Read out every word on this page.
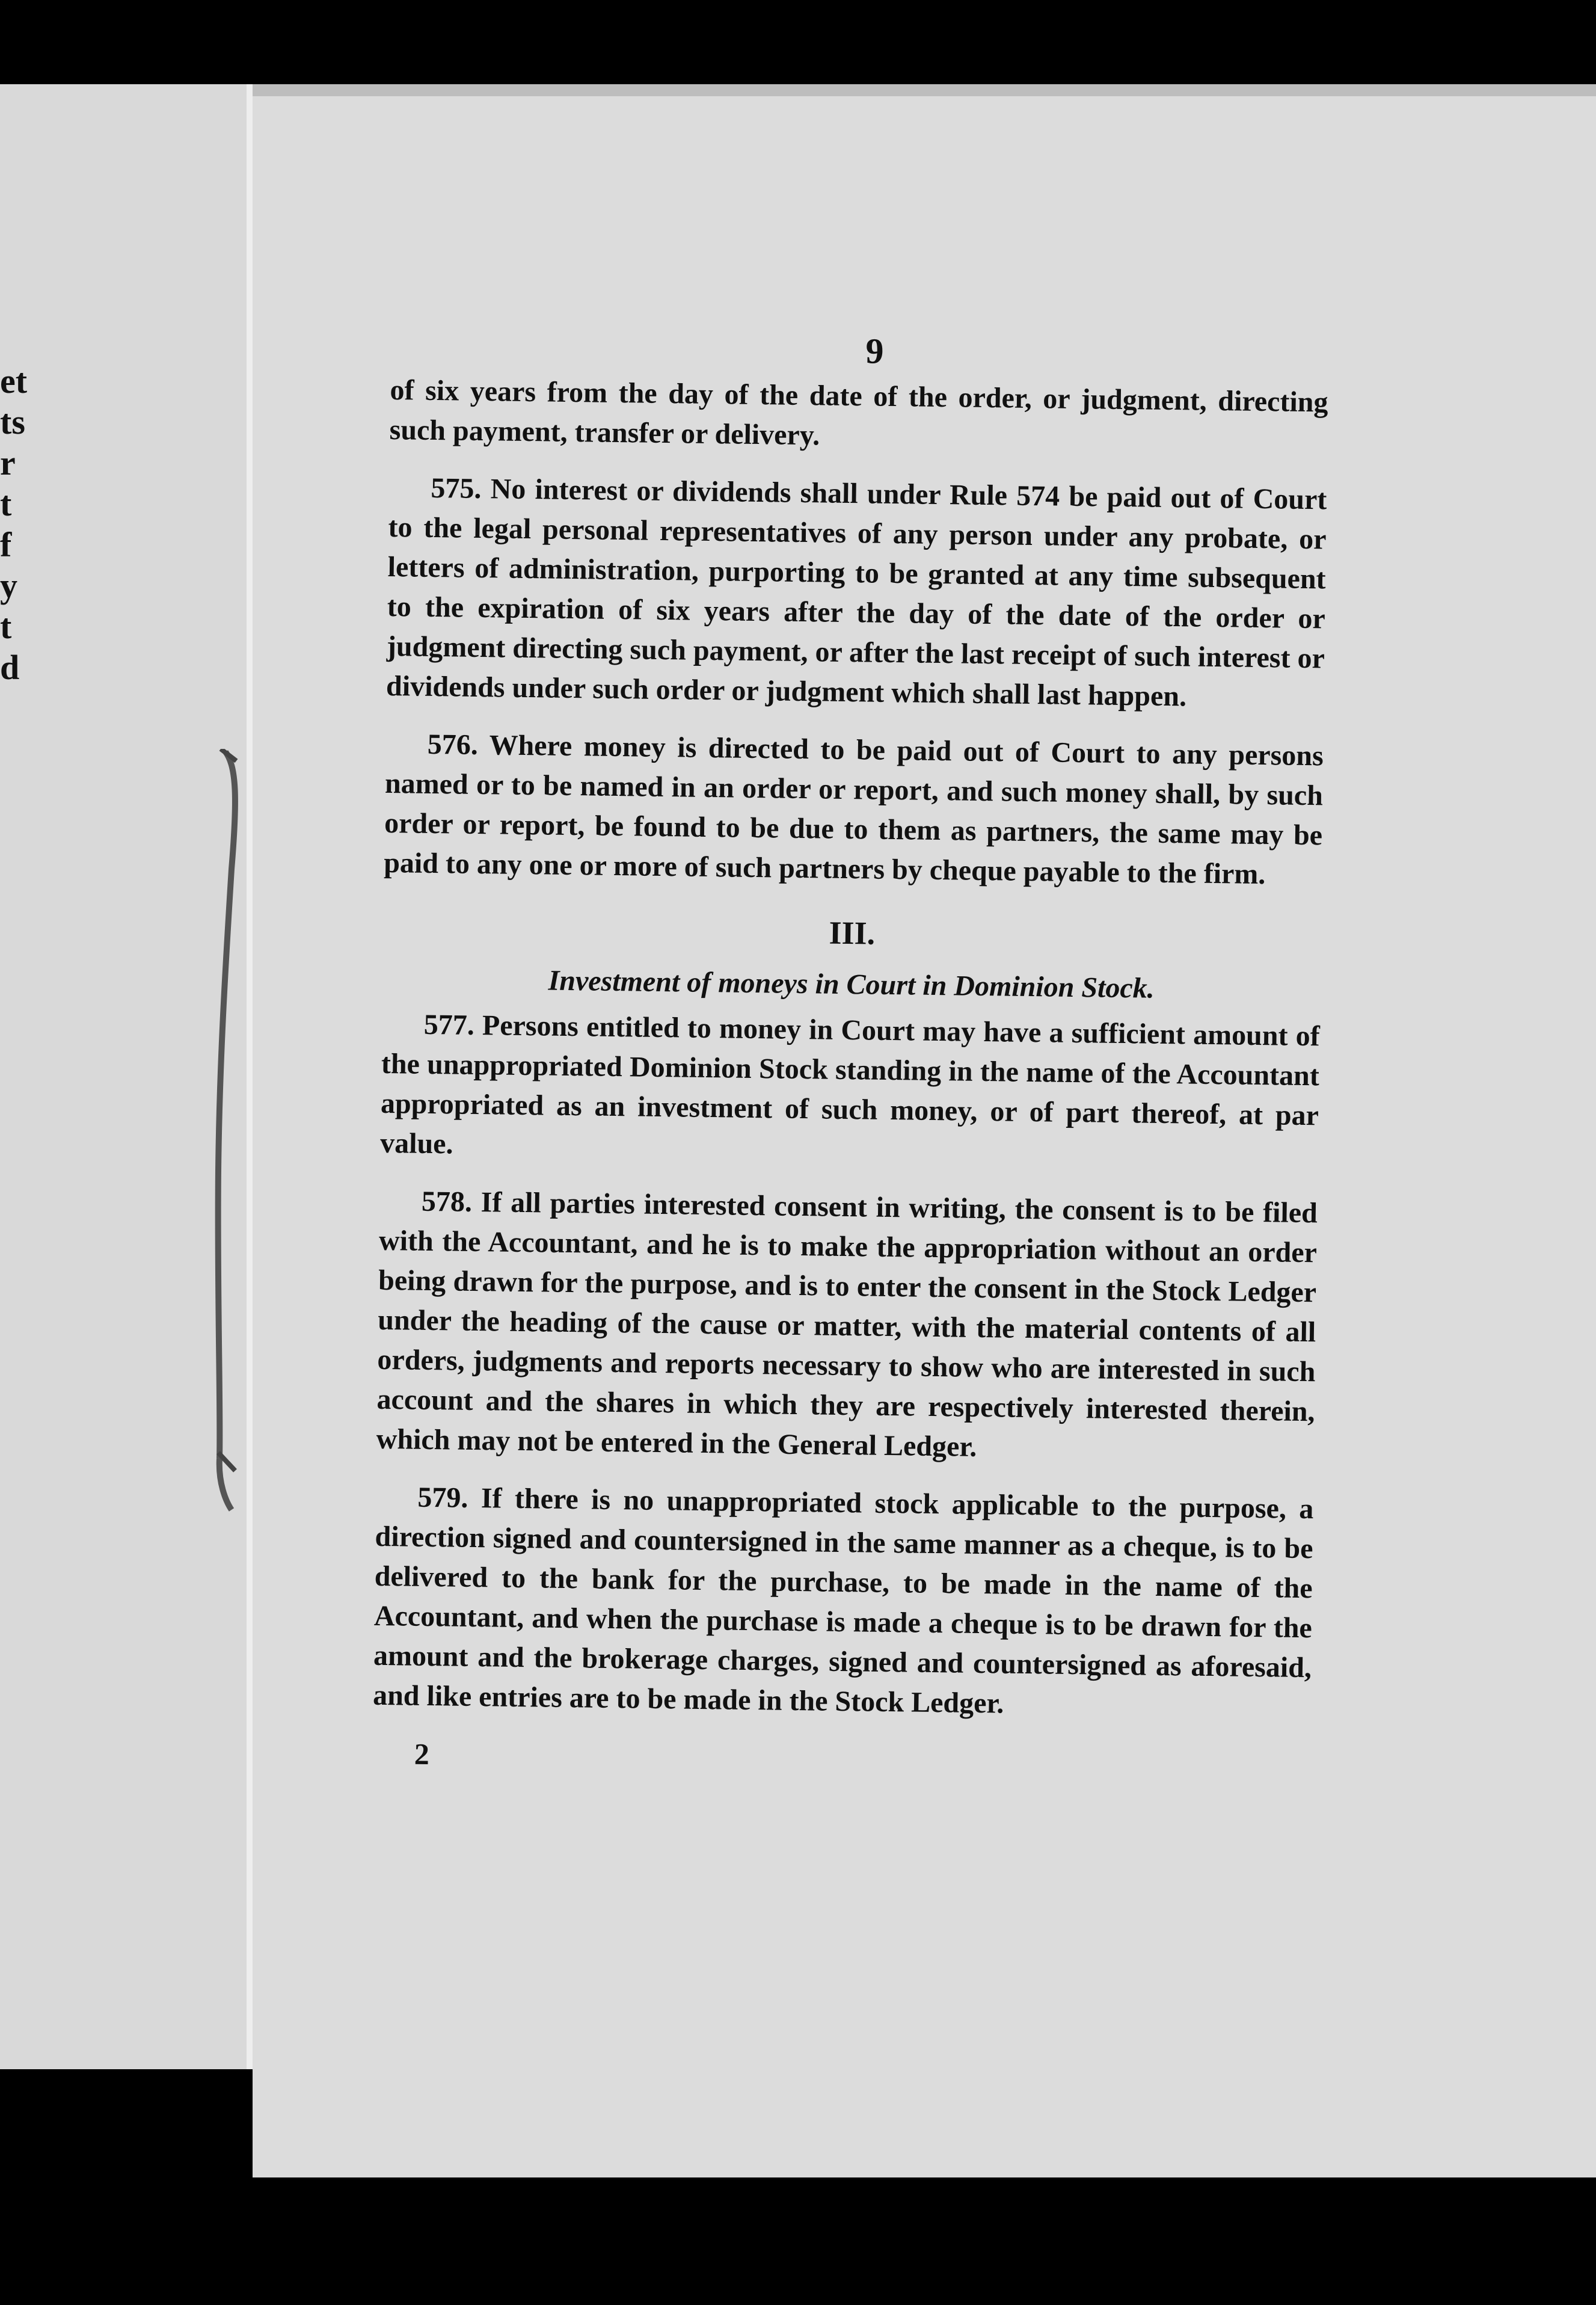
et
ts
r
t
f
y
t
d
9

of six years from the day of the date of the order, or judgment, directing such payment, transfer or delivery.

575. No interest or dividends shall under Rule 574 be paid out of Court to the legal personal representatives of any person under any probate, or letters of administration, purporting to be granted at any time subsequent to the expiration of six years after the day of the date of the order or judgment directing such payment, or after the last receipt of such interest or dividends under such order or judgment which shall last happen.

576. Where money is directed to be paid out of Court to any persons named or to be named in an order or report, and such money shall, by such order or report, be found to be due to them as partners, the same may be paid to any one or more of such partners by cheque payable to the firm.

III.
Investment of moneys in Court in Dominion Stock.

577. Persons entitled to money in Court may have a sufficient amount of the unappropriated Dominion Stock standing in the name of the Accountant appropriated as an investment of such money, or of part thereof, at par value.

578. If all parties interested consent in writing, the consent is to be filed with the Accountant, and he is to make the appropriation without an order being drawn for the purpose, and is to enter the consent in the Stock Ledger under the heading of the cause or matter, with the material contents of all orders, judgments and reports necessary to show who are interested in such account and the shares in which they are respectively interested therein, which may not be entered in the General Ledger.

579. If there is no unappropriated stock applicable to the purpose, a direction signed and countersigned in the same manner as a cheque, is to be delivered to the bank for the purchase, to be made in the name of the Accountant, and when the purchase is made a cheque is to be drawn for the amount and the brokerage charges, signed and countersigned as aforesaid, and like entries are to be made in the Stock Ledger.

2
